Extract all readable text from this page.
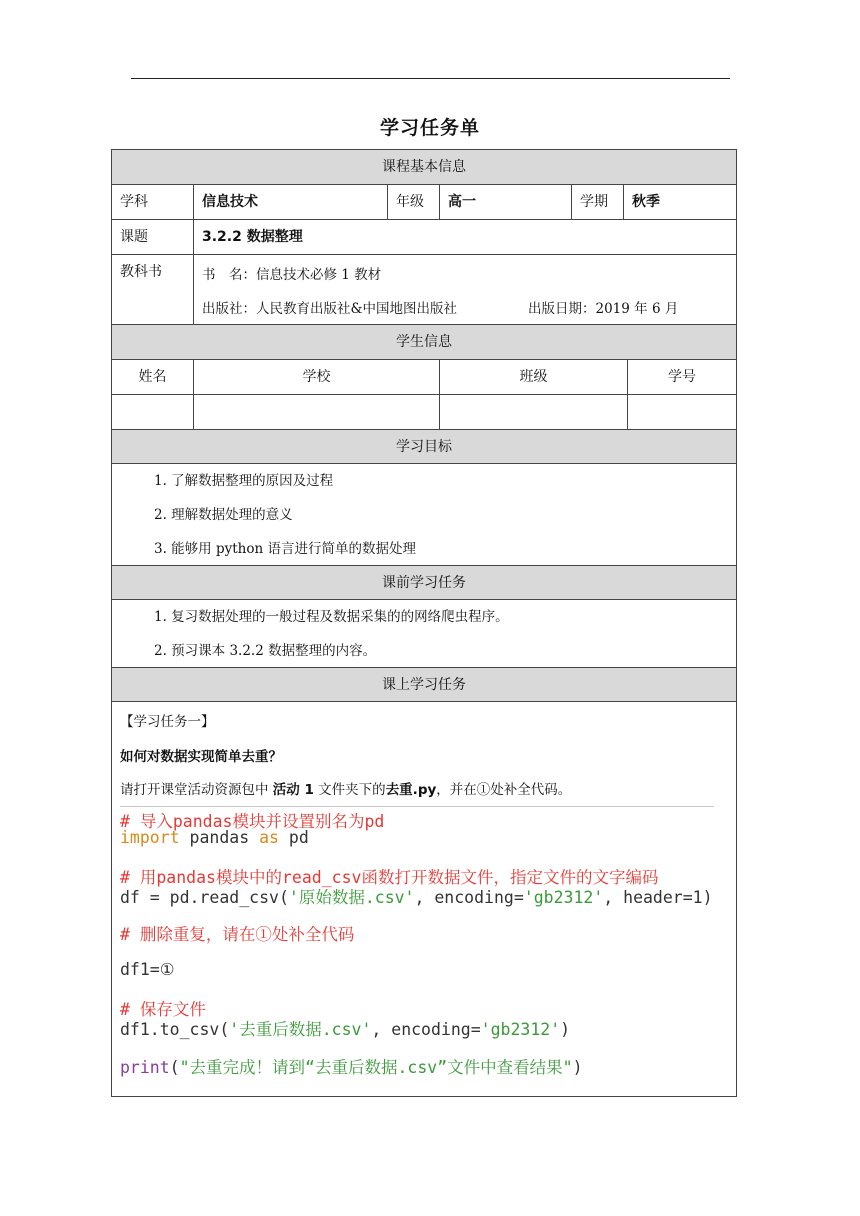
学习任务单
课程基本信息
学科	信息技术	年级	高一	学期	秋季
课题	3.2.2 数据整理
教科书	书　名：信息技术必修 1 教材
出版社：人民教育出版社&中国地图出版社	出版日期：2019 年 6 月
学生信息
姓名	学校	班级	学号
学习目标
1. 了解数据整理的原因及过程
2. 理解数据处理的意义
3. 能够用 python 语言进行简单的数据处理
课前学习任务
1. 复习数据处理的一般过程及数据采集的的网络爬虫程序。
2. 预习课本 3.2.2 数据整理的内容。
课上学习任务
【学习任务一】
如何对数据实现简单去重？
请打开课堂活动资源包中 活动 1 文件夹下的去重.py，并在①处补全代码。
# 导入pandas模块并设置别名为pd
import pandas as pd
# 用pandas模块中的read_csv函数打开数据文件，指定文件的文字编码
df = pd.read_csv('原始数据.csv', encoding='gb2312', header=1)
# 删除重复，请在①处补全代码
df1=①
# 保存文件
df1.to_csv('去重后数据.csv', encoding='gb2312')
print("去重完成！请到“去重后数据.csv”文件中查看结果")
